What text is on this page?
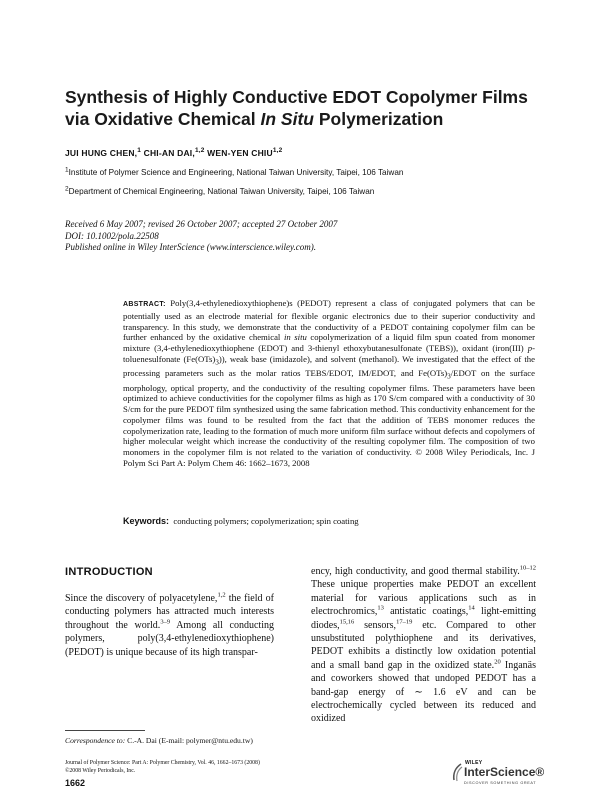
Synthesis of Highly Conductive EDOT Copolymer Films
via Oxidative Chemical In Situ Polymerization
JUI HUNG CHEN,$^1$ CHI-AN DAI,$^{1,2}$ WEN-YEN CHIU$^{1,2}$
$^1$Institute of Polymer Science and Engineering, National Taiwan University, Taipei, 106 Taiwan
$^2$Department of Chemical Engineering, National Taiwan University, Taipei, 106 Taiwan
Received 6 May 2007; revised 26 October 2007; accepted 27 October 2007
DOI: 10.1002/pola.22508
Published online in Wiley InterScience (www.interscience.wiley.com).
ABSTRACT: Poly(3,4-ethylenedioxythiophene)s (PEDOT) represent a class of conjugated polymers that can be potentially used as an electrode material for flexible organic electronics due to their superior conductivity and transparency. In this study, we demonstrate that the conductivity of a PEDOT containing copolymer film can be further enhanced by the oxidative chemical in situ copolymerization of a liquid film spun coated from monomer mixture (3,4-ethylenedioxythiophene (EDOT) and 3-thienyl ethoxybutanesulfonate (TEBS)), oxidant (iron(III) p-toluenesulfonate $(Fe(OTs)_3)$), weak base (imidazole), and solvent (methanol). We investigated that the effect of the processing parameters such as the molar ratios TEBS/EDOT, IM/EDOT, and $Fe(OTs)_3$/EDOT on the surface morphology, optical property, and the conductivity of the resulting copolymer films. These parameters have been optimized to achieve conductivities for the copolymer films as high as 170 S/cm compared with a conductivity of 30 S/cm for the pure PEDOT film synthesized using the same fabrication method. This conductivity enhancement for the copolymer films was found to be resulted from the fact that the addition of TEBS monomer reduces the copolymerization rate, leading to the formation of much more uniform film surface without defects and copolymers of higher molecular weight which increase the conductivity of the resulting copolymer film. The composition of two monomers in the copolymer film is not related to the variation of conductivity. © 2008 Wiley Periodicals, Inc. J Polym Sci Part A: Polym Chem 46: 1662–1673, 2008
Keywords: conducting polymers; copolymerization; spin coating
INTRODUCTION
Since the discovery of polyacetylene,$^{1,2}$ the field of conducting polymers has attracted much interests throughout the world.$^{3-9}$ Among all conducting polymers, poly(3,4-ethylenedioxythiophene) (PEDOT) is unique because of its high transpar-
ency, high conductivity, and good thermal stability.$^{10-12}$ These unique properties make PEDOT an excellent material for various applications such as in electrochromics,$^{13}$ antistatic coatings,$^{14}$ light-emitting diodes,$^{15,16}$ sensors,$^{17-19}$ etc. Compared to other unsubstituted polythiophene and its derivatives, PEDOT exhibits a distinctly low oxidation potential and a small band gap in the oxidized state.$^{20}$ Inganäs and coworkers showed that undoped PEDOT has a band-gap energy of ∼ 1.6 eV and can be electrochemically cycled between its reduced and oxidized
Correspondence to: C.-A. Dai (E-mail: polymer@ntu.edu.tw)
Journal of Polymer Science: Part A: Polymer Chemistry, Vol. 46, 1662–1673 (2008)
©2008 Wiley Periodicals, Inc.
1662
WILEY
InterScience®
DISCOVER SOMETHING GREAT
